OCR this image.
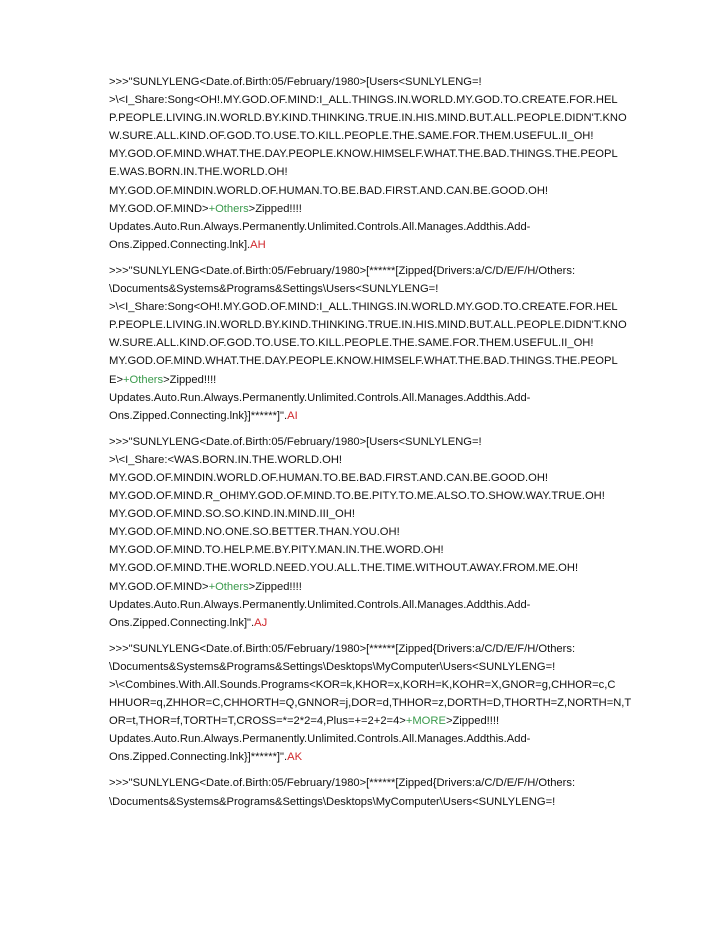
>>>"SUNLYLENG<Date.of.Birth:05/February/1980>[Users<SUNLYLENG=!
>\<I_Share:Song<OH!.MY.GOD.OF.MIND:I_ALL.THINGS.IN.WORLD.MY.GOD.TO.CREATE.FOR.HEL
P.PEOPLE.LIVING.IN.WORLD.BY.KIND.THINKING.TRUE.IN.HIS.MIND.BUT.ALL.PEOPLE.DIDN'T.KNO
W.SURE.ALL.KIND.OF.GOD.TO.USE.TO.KILL.PEOPLE.THE.SAME.FOR.THEM.USEFUL.II_OH!
MY.GOD.OF.MIND.WHAT.THE.DAY.PEOPLE.KNOW.HIMSELF.WHAT.THE.BAD.THINGS.THE.PEOPL
E.WAS.BORN.IN.THE.WORLD.OH!
MY.GOD.OF.MINDIN.WORLD.OF.HUMAN.TO.BE.BAD.FIRST.AND.CAN.BE.GOOD.OH!
MY.GOD.OF.MIND>+Others>Zipped!!!!
Updates.Auto.Run.Always.Permanently.Unlimited.Controls.All.Manages.Addthis.Add-
Ons.Zipped.Connecting.lnk].AH
>>>"SUNLYLENG<Date.of.Birth:05/February/1980>[******[Zipped{Drivers:a/C/D/E/F/H/Others:
\Documents&Systems&Programs&Settings\Users<SUNLYLENG=!
>\<I_Share:Song<OH!.MY.GOD.OF.MIND:I_ALL.THINGS.IN.WORLD.MY.GOD.TO.CREATE.FOR.HEL
P.PEOPLE.LIVING.IN.WORLD.BY.KIND.THINKING.TRUE.IN.HIS.MIND.BUT.ALL.PEOPLE.DIDN'T.KNO
W.SURE.ALL.KIND.OF.GOD.TO.USE.TO.KILL.PEOPLE.THE.SAME.FOR.THEM.USEFUL.II_OH!
MY.GOD.OF.MIND.WHAT.THE.DAY.PEOPLE.KNOW.HIMSELF.WHAT.THE.BAD.THINGS.THE.PEOPL
E>+Others>Zipped!!!!
Updates.Auto.Run.Always.Permanently.Unlimited.Controls.All.Manages.Addthis.Add-
Ons.Zipped.Connecting.lnk}]******]".AI
>>>"SUNLYLENG<Date.of.Birth:05/February/1980>[Users<SUNLYLENG=!
>\<I_Share:<WAS.BORN.IN.THE.WORLD.OH!
MY.GOD.OF.MINDIN.WORLD.OF.HUMAN.TO.BE.BAD.FIRST.AND.CAN.BE.GOOD.OH!
MY.GOD.OF.MIND.R_OH!MY.GOD.OF.MIND.TO.BE.PITY.TO.ME.ALSO.TO.SHOW.WAY.TRUE.OH!
MY.GOD.OF.MIND.SO.SO.KIND.IN.MIND.III_OH!
MY.GOD.OF.MIND.NO.ONE.SO.BETTER.THAN.YOU.OH!
MY.GOD.OF.MIND.TO.HELP.ME.BY.PITY.MAN.IN.THE.WORD.OH!
MY.GOD.OF.MIND.THE.WORLD.NEED.YOU.ALL.THE.TIME.WITHOUT.AWAY.FROM.ME.OH!
MY.GOD.OF.MIND>+Others>Zipped!!!!
Updates.Auto.Run.Always.Permanently.Unlimited.Controls.All.Manages.Addthis.Add-
Ons.Zipped.Connecting.lnk]".AJ
>>>"SUNLYLENG<Date.of.Birth:05/February/1980>[******[Zipped{Drivers:a/C/D/E/F/H/Others:
\Documents&Systems&Programs&Settings\Desktops\MyComputer\Users<SUNLYLENG=!
>\<Combines.With.All.Sounds.Programs<KOR=k,KHOR=x,KORH=K,KOHR=X,GNOR=g,CHHOR=c,C
HHUOR=q,ZHHOR=C,CHHORTH=Q,GNNOR=j,DOR=d,THHOR=z,DORTH=D,THORTH=Z,NORTH=N,T
OR=t,THOR=f,TORTH=T,CROSS=*=2*2=4,Plus=+=2+2=4>+MORE>Zipped!!!!
Updates.Auto.Run.Always.Permanently.Unlimited.Controls.All.Manages.Addthis.Add-
Ons.Zipped.Connecting.lnk}]******]".AK
>>>"SUNLYLENG<Date.of.Birth:05/February/1980>[******[Zipped{Drivers:a/C/D/E/F/H/Others:
\Documents&Systems&Programs&Settings\Desktops\MyComputer\Users<SUNLYLENG=!
